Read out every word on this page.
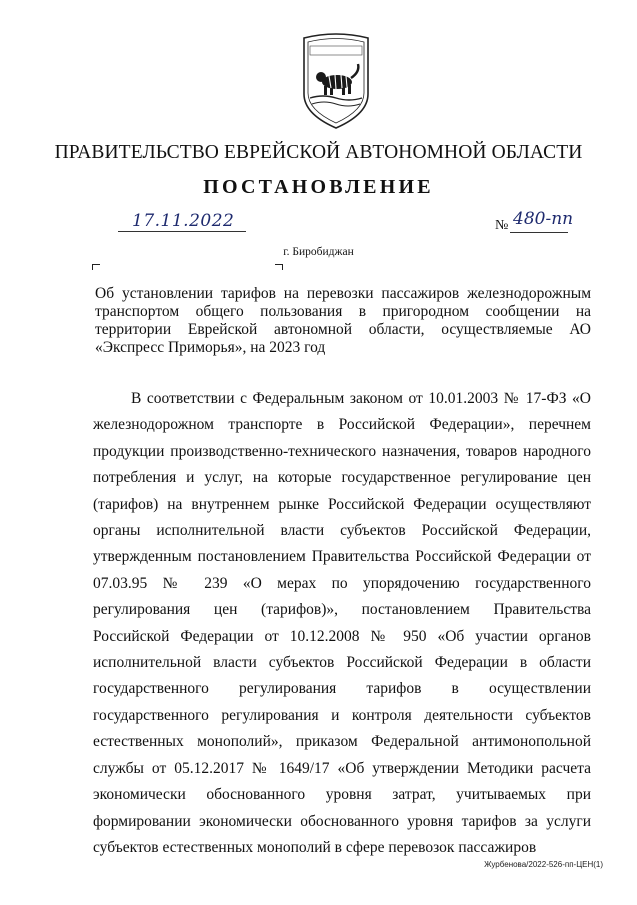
ПРАВИТЕЛЬСТВО ЕВРЕЙСКОЙ АВТОНОМНОЙ ОБЛАСТИ
ПОСТАНОВЛЕНИЕ
17.11.2022	№ 480-пп
г. Биробиджан
Об установлении тарифов на перевозки пассажиров железнодорожным транспортом общего пользования в пригородном сообщении на территории Еврейской автономной области, осуществляемые АО «Экспресс Приморья», на 2023 год

В соответствии с Федеральным законом от 10.01.2003 № 17-ФЗ «О железнодорожном транспорте в Российской Федерации», перечнем продукции производственно-технического назначения, товаров народного потребления и услуг, на которые государственное регулирование цен (тарифов) на внутреннем рынке Российской Федерации осуществляют органы исполнительной власти субъектов Российской Федерации, утвержденным постановлением Правительства Российской Федерации от 07.03.95 № 239 «О мерах по упорядочению государственного регулирования цен (тарифов)», постановлением Правительства Российской Федерации от 10.12.2008 № 950 «Об участии органов исполнительной власти субъектов Российской Федерации в области государственного регулирования тарифов в осуществлении государственного регулирования и контроля деятельности субъектов естественных монополий», приказом Федеральной антимонопольной службы от 05.12.2017 № 1649/17 «Об утверждении Методики расчета экономически обоснованного уровня затрат, учитываемых при формировании экономически обоснованного уровня тарифов за услуги субъектов естественных монополий в сфере перевозок пассажиров

Журбенова/2022-526-пп-ЦЕН(1)
